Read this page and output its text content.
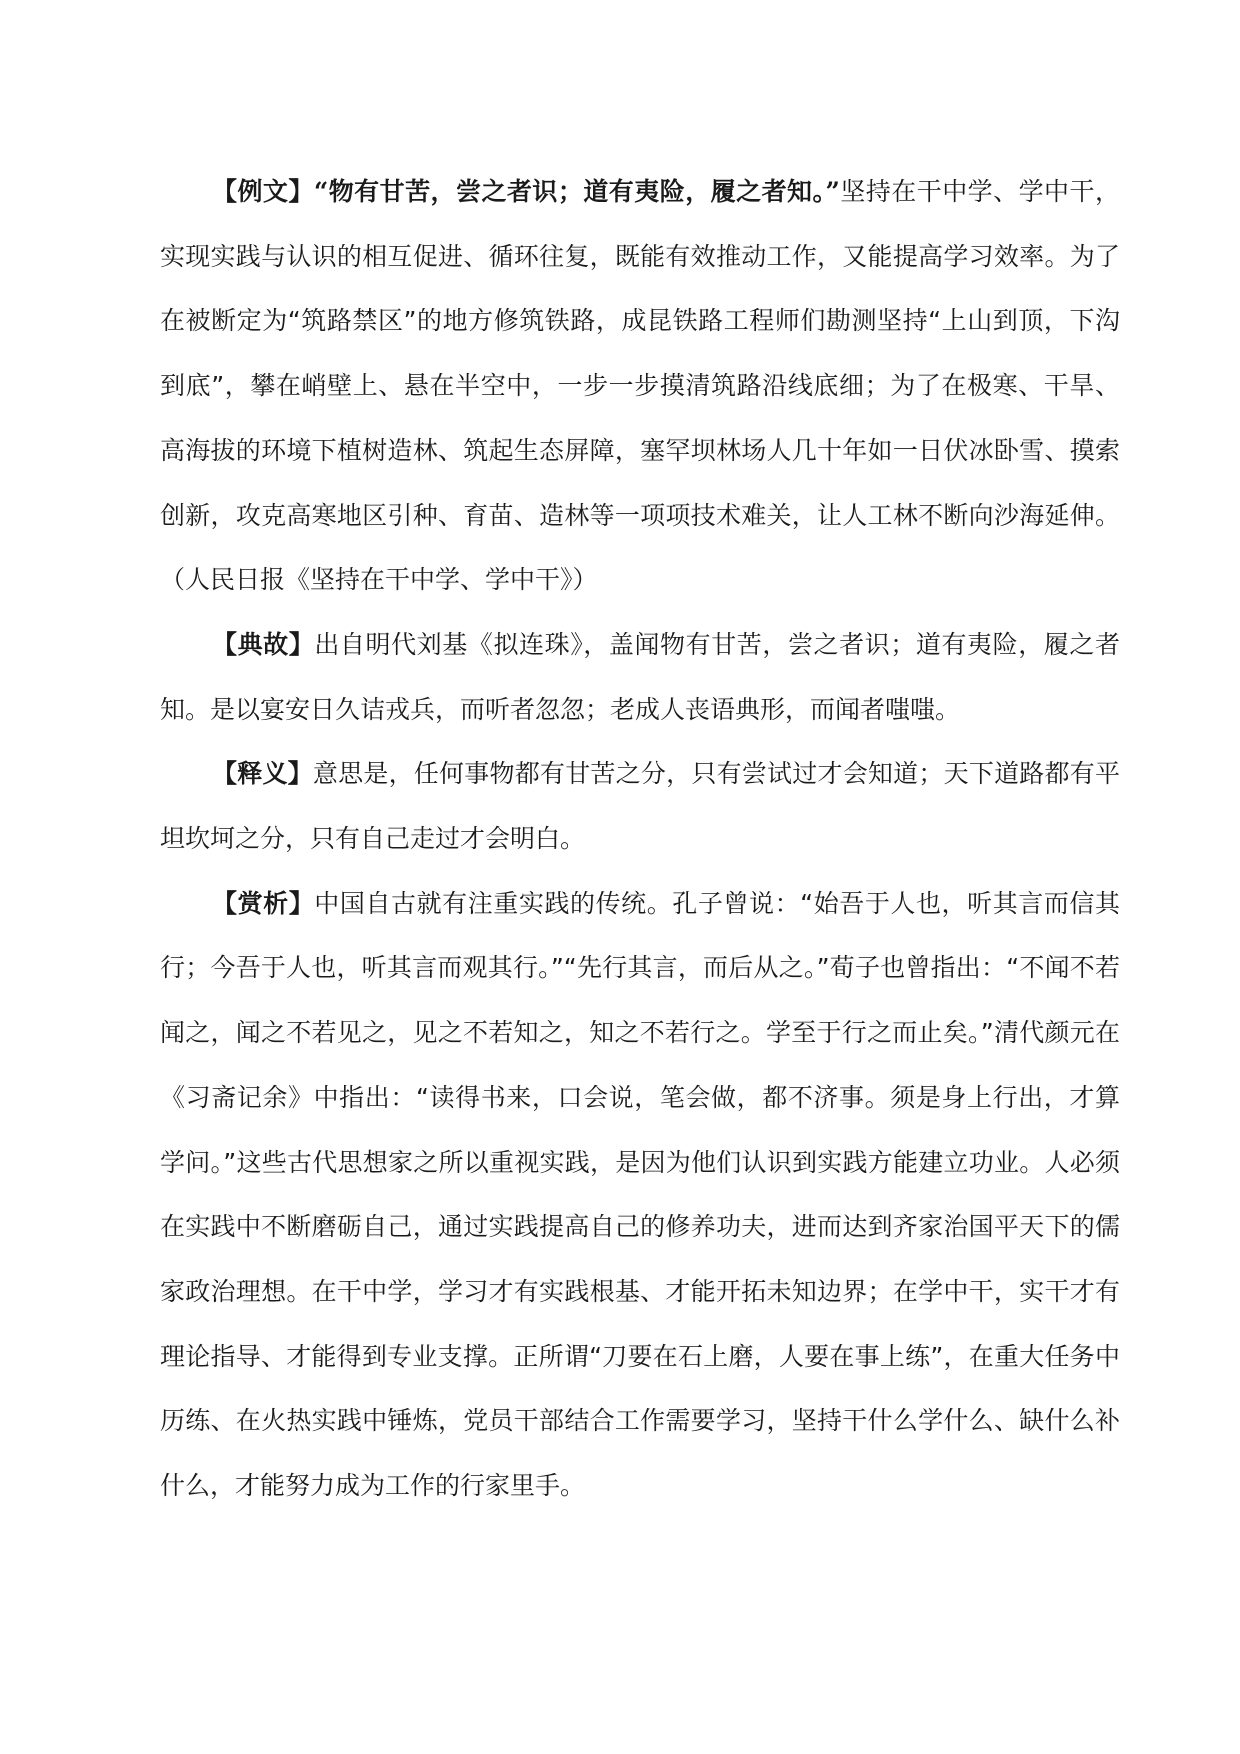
【例文】“物有甘苦，尝之者识；道有夷险，履之者知。”坚持在干中学、学中干，实现实践与认识的相互促进、循环往复，既能有效推动工作，又能提高学习效率。为了在被断定为“筑路禁区”的地方修筑铁路，成昆铁路工程师们勘测坚持“上山到顶，下沟到底”，攀在峭壁上、悬在半空中，一步一步摸清筑路沿线底细；为了在极寒、干旱、高海拔的环境下植树造林、筑起生态屏障，塞罕坝林场人几十年如一日伏冰卧雪、摸索创新，攻克高寒地区引种、育苗、造林等一项项技术难关，让人工林不断向沙海延伸。（人民日报《坚持在干中学、学中干》）

【典故】出自明代刘基《拟连珠》，盖闻物有甘苦，尝之者识；道有夷险，履之者知。是以宴安日久诘戎兵，而听者忽忽；老成人丧语典形，而闻者嗤嗤。

【释义】意思是，任何事物都有甘苦之分，只有尝试过才会知道；天下道路都有平坦坎坷之分，只有自己走过才会明白。

【赏析】中国自古就有注重实践的传统。孔子曾说：“始吾于人也，听其言而信其行；今吾于人也，听其言而观其行。”“先行其言，而后从之。”荀子也曾指出：“不闻不若闻之，闻之不若见之，见之不若知之，知之不若行之。学至于行之而止矣。”清代颜元在《习斋记余》中指出：“读得书来，口会说，笔会做，都不济事。须是身上行出，才算学问。”这些古代思想家之所以重视实践，是因为他们认识到实践方能建立功业。人必须在实践中不断磨砺自己，通过实践提高自己的修养功夫，进而达到齐家治国平天下的儒家政治理想。在干中学，学习才有实践根基、才能开拓未知边界；在学中干，实干才有理论指导、才能得到专业支撑。正所谓“刀要在石上磨，人要在事上练”，在重大任务中历练、在火热实践中锤炼，党员干部结合工作需要学习，坚持干什么学什么、缺什么补什么，才能努力成为工作的行家里手。
